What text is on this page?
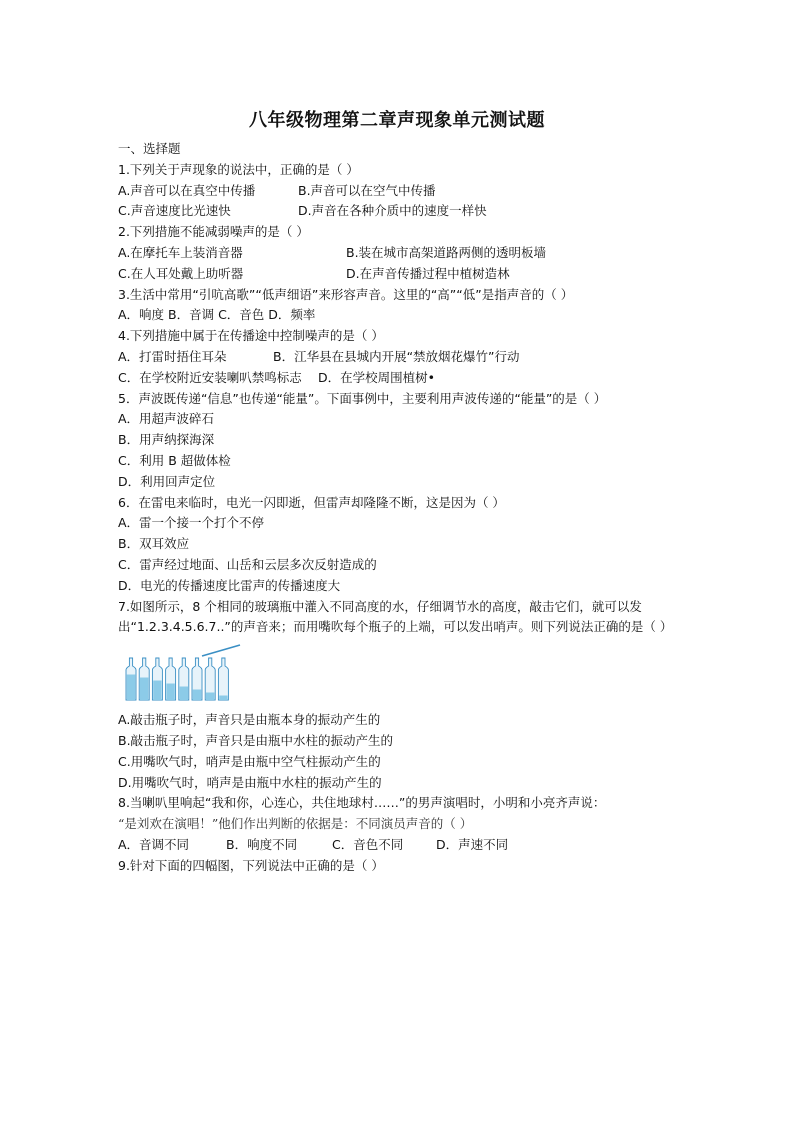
八年级物理第二章声现象单元测试题
一、选择题
1.下列关于声现象的说法中，正确的是（ ）
A.声音可以在真空中传播	B.声音可以在空气中传播
C.声音速度比光速快	D.声音在各种介质中的速度一样快
2.下列措施不能减弱噪声的是（ ）
A.在摩托车上装消音器	B.装在城市高架道路两侧的透明板墙
C.在人耳处戴上助听器	D.在声音传播过程中植树造林
3.生活中常用“引吭高歌”“低声细语”来形容声音。这里的“高”“低”是指声音的（ ）
A．响度 B．音调 C．音色 D．频率
4.下列措施中属于在传播途中控制噪声的是（ ）
A．打雷时捂住耳朵	B．江华县在县城内开展“禁放烟花爆竹”行动
C．在学校附近安装喇叭禁鸣标志 D．在学校周围植树•
5．声波既传递“信息”也传递“能量”。下面事例中，主要利用声波传递的“能量”的是（ ）
A．用超声波碎石
B．用声纳探海深
C．利用 B 超做体检
D．利用回声定位
6．在雷电来临时，电光一闪即逝，但雷声却隆隆不断，这是因为（ ）
A．雷一个接一个打个不停
B．双耳效应
C．雷声经过地面、山岳和云层多次反射造成的
D．电光的传播速度比雷声的传播速度大
7.如图所示，8 个相同的玻璃瓶中灌入不同高度的水，仔细调节水的高度，敲击它们，就可以发出“1.2.3.4.5.6.7..”的声音来；而用嘴吹每个瓶子的上端，可以发出哨声。则下列说法正确的是（ ）
A.敲击瓶子时，声音只是由瓶本身的振动产生的
B.敲击瓶子时，声音只是由瓶中水柱的振动产生的
C.用嘴吹气时，哨声是由瓶中空气柱振动产生的
D.用嘴吹气时，哨声是由瓶中水柱的振动产生的
8.当喇叭里响起“我和你，心连心，共住地球村……”的男声演唱时，小明和小亮齐声说：
“是刘欢在演唱！”他们作出判断的依据是：不同演员声音的（ ）
A．音调不同	B．响度不同	C．音色不同	D．声速不同
9.针对下面的四幅图，下列说法中正确的是（ ）
